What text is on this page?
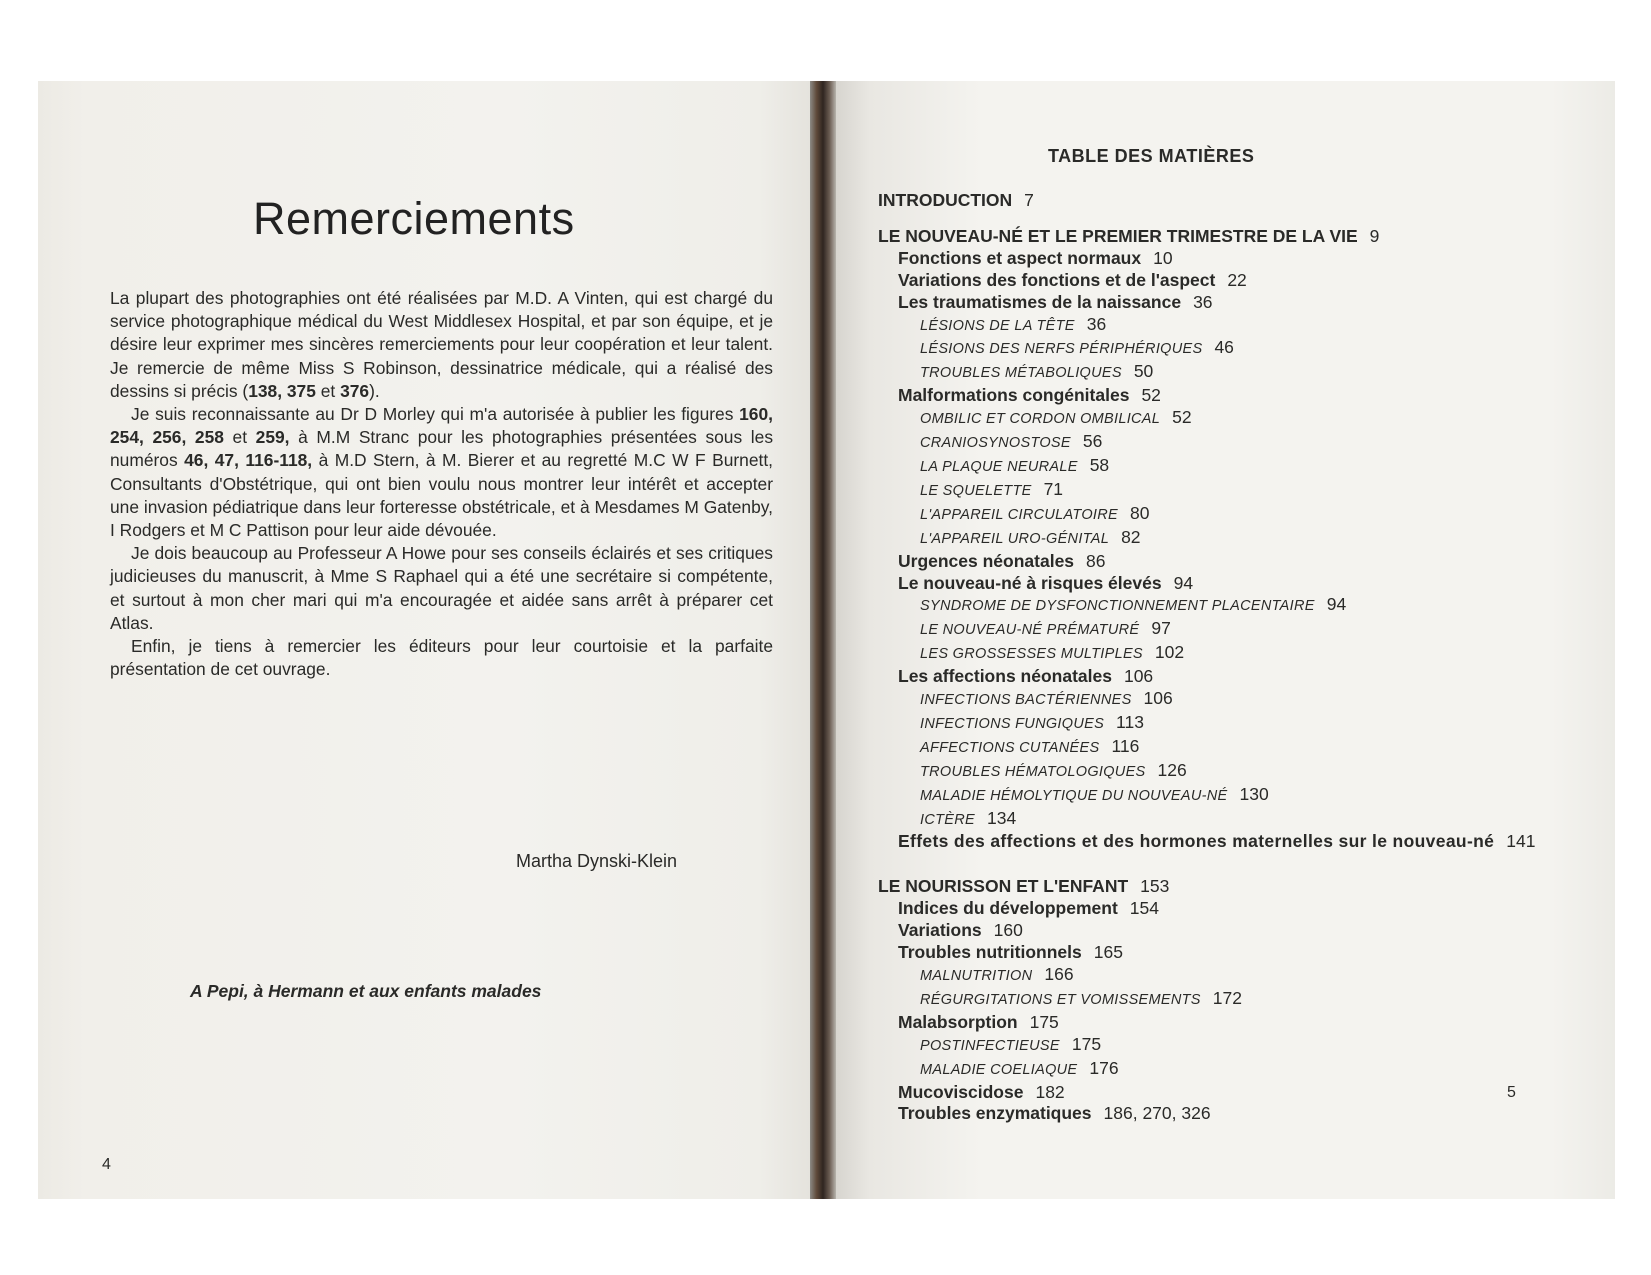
Remerciements

La plupart des photographies ont été réalisées par M.D. A Vinten, qui est chargé du service photographique médical du West Middlesex Hospital, et par son équipe, et je désire leur exprimer mes sincères remerciements pour leur coopération et leur talent. Je remercie de même Miss S Robinson, dessinatrice médicale, qui a réalisé des dessins si précis (138, 375 et 376).

Je suis reconnaissante au Dr D Morley qui m'a autorisée à publier les figures 160, 254, 256, 258 et 259, à M.M Stranc pour les photographies présentées sous les numéros 46, 47, 116-118, à M.D Stern, à M. Bierer et au regretté M.C W F Burnett, Consultants d'Obstétrique, qui ont bien voulu nous montrer leur intérêt et accepter une invasion pédiatrique dans leur forteresse obstétricale, et à Mesdames M Gatenby, I Rodgers et M C Pattison pour leur aide dévouée.

Je dois beaucoup au Professeur A Howe pour ses conseils éclairés et ses critiques judicieuses du manuscrit, à Mme S Raphael qui a été une secrétaire si compétente, et surtout à mon cher mari qui m'a encouragée et aidée sans arrêt à préparer cet Atlas.

Enfin, je tiens à remercier les éditeurs pour leur courtoisie et la parfaite présentation de cet ouvrage.

Martha Dynski-Klein
A Pepi, à Hermann et aux enfants malades
4
TABLE DES MATIÈRES
INTRODUCTION 7
LE NOUVEAU-NÉ ET LE PREMIER TRIMESTRE DE LA VIE 9
Fonctions et aspect normaux 10
Variations des fonctions et de l'aspect 22
Les traumatismes de la naissance 36
LÉSIONS DE LA TÊTE 36
LÉSIONS DES NERFS PÉRIPHÉRIQUES 46
TROUBLES MÉTABOLIQUES 50
Malformations congénitales 52
OMBILIC ET CORDON OMBILICAL 52
CRANIOSYNOSTOSE 56
LA PLAQUE NEURALE 58
LE SQUELETTE 71
L'APPAREIL CIRCULATOIRE 80
L'APPAREIL URO-GÉNITAL 82
Urgences néonatales 86
Le nouveau-né à risques élevés 94
SYNDROME DE DYSFONCTIONNEMENT PLACENTAIRE 94
LE NOUVEAU-NÉ PRÉMATURÉ 97
LES GROSSESSES MULTIPLES 102
Les affections néonatales 106
INFECTIONS BACTÉRIENNES 106
INFECTIONS FUNGIQUES 113
AFFECTIONS CUTANÉES 116
TROUBLES HÉMATOLOGIQUES 126
MALADIE HÉMOLYTIQUE DU NOUVEAU-NÉ 130
ICTÈRE 134
Effets des affections et des hormones maternelles sur le nouveau-né 141
LE NOURISSON ET L'ENFANT 153
Indices du développement 154
Variations 160
Troubles nutritionnels 165
MALNUTRITION 166
RÉGURGITATIONS ET VOMISSEMENTS 172
Malabsorption 175
POSTINFECTIEUSE 175
MALADIE COELIAQUE 176
Mucoviscidose 182
Troubles enzymatiques 186, 270, 326
5
